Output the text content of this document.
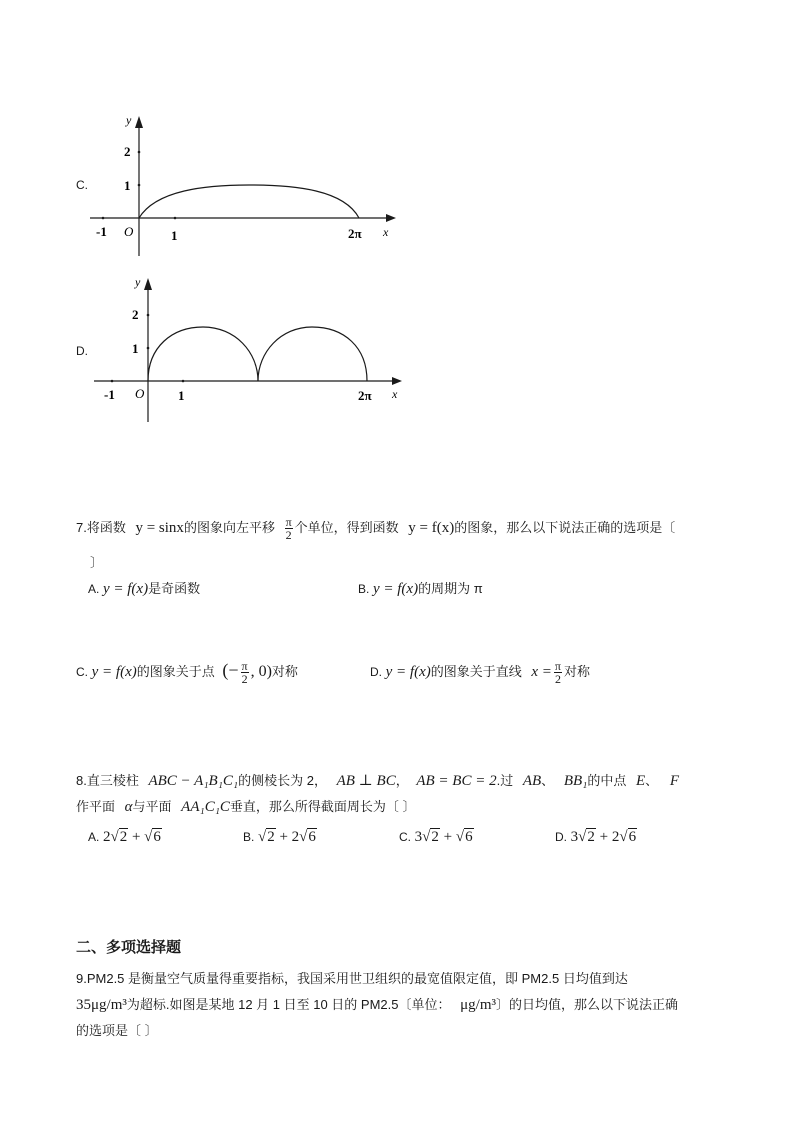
C.
y
2
1
O
-1	1	2π x
D.
y
2
1
O
-1	1	2π x
7.将函数 y = sinx的图象向左平移 $\frac{\pi}{2}$ 个单位，得到函数 y = f(x)的图象，那么以下说法正确的选项是〔
〕
A. y = f(x)是奇函数	B. y = f(x)的周期为 π
C. y = f(x)的图象关于点 (− $\frac{\pi}{2}$ , 0)对称	D. y = f(x)的图象关于直线 $x = \frac{\pi}{2}$ 对称
8.直三棱柱 ABC − A₁B₁C₁的侧棱长为 2， AB ⊥ BC， AB = BC = 2.过 AB、 BB₁的中点 E、 F
作平面 α与平面 AA₁C₁C垂直，那么所得截面周长为〔 〕
A. 2√2 + √6	B. √2 + 2√6	C. 3√2 + √6	D. 3√2 + 2√6
二、多项选择题
9.PM2.5 是衡量空气质量得重要指标，我国采用世卫组织的最宽值限定值，即 PM2.5 日均值到达
35μg/m³为超标.如图是某地 12 月 1 日至 10 日的 PM2.5〔单位： μg/m³〕的日均值，那么以下说法正确
的选项是〔 〕
